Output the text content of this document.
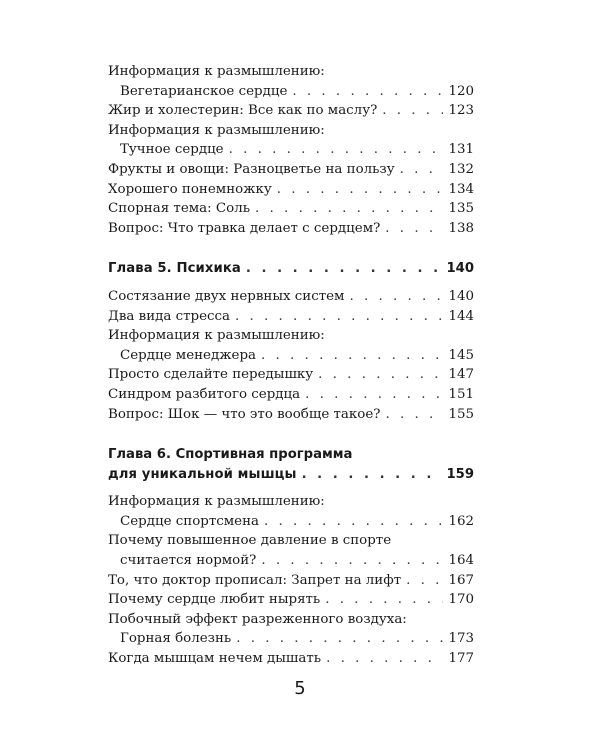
Информация к размышлению:
Вегетарианское сердце . . .	120
Жир и холестерин: Все как по маслу? . . .	123
Информация к размышлению:
Тучное сердце . . .	131
Фрукты и овощи: Разноцветье на пользу . . .	132
Хорошего понемножку . . .	134
Спорная тема: Соль . . .	135
Вопрос: Что травка делает с сердцем? . . .	138
Глава 5. Психика . . .	140
Состязание двух нервных систем . . .	140
Два вида стресса . . .	144
Информация к размышлению:
Сердце менеджера . . .	145
Просто сделайте передышку . . .	147
Синдром разбитого сердца . . .	151
Вопрос: Шок — что это вообще такое? . . .	155
Глава 6. Спортивная программа
для уникальной мышцы . . .	159
Информация к размышлению:
Сердце спортсмена . . .	162
Почему повышенное давление в спорте
считается нормой? . . .	164
То, что доктор прописал: Запрет на лифт . . .	167
Почему сердце любит нырять . . .	170
Побочный эффект разреженного воздуха:
Горная болезнь . . .	173
Когда мышцам нечем дышать . . .	177
5
